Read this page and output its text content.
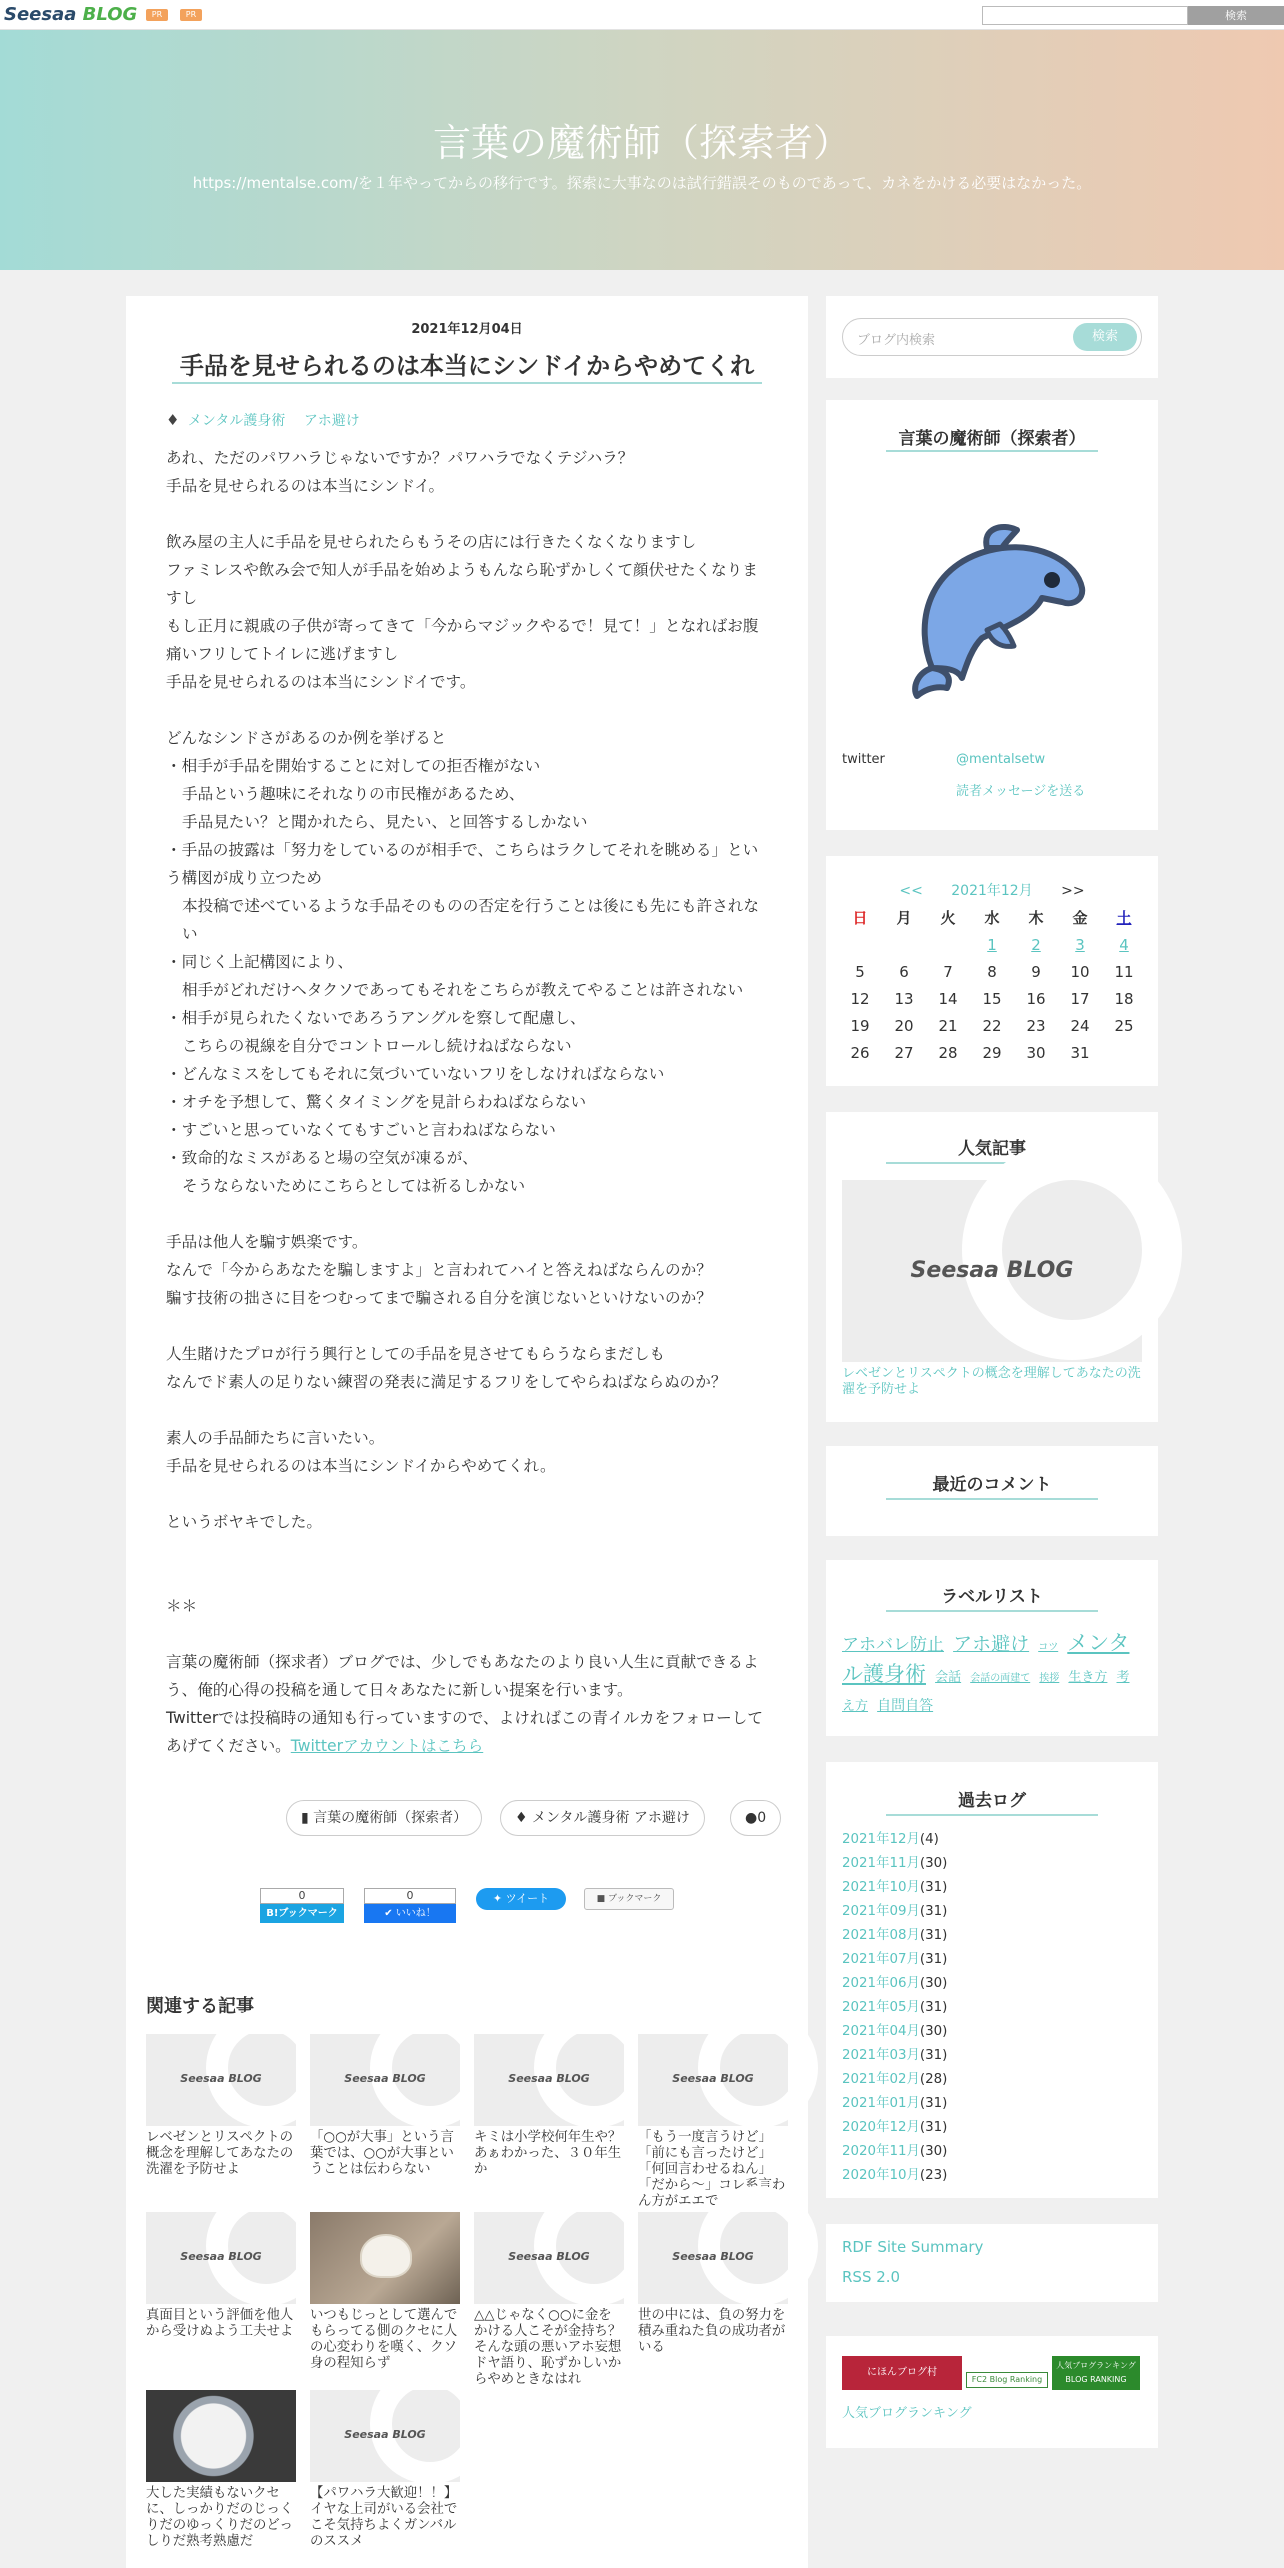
Seesaa BLOG	PR	PR	検索
言葉の魔術師（探索者）
https://mentalse.com/を１年やってからの移行です。探索に大事なのは試行錯誤そのものであって、カネをかける必要はなかった。
2021年12月04日
手品を見せられるのは本当にシンドイからやめてくれ
♦ メンタル護身術 アホ避け
あれ、ただのパワハラじゃないですか？パワハラでなくテジハラ？
手品を見せられるのは本当にシンドイ。
飲み屋の主人に手品を見せられたらもうその店には行きたくなくなりますし
ファミレスや飲み会で知人が手品を始めようもんなら恥ずかしくて顔伏せたくなりますし
もし正月に親戚の子供が寄ってきて「今からマジックやるで！見て！」となればお腹痛いフリしてトイレに逃げますし
手品を見せられるのは本当にシンドイです。
どんなシンドさがあるのか例を挙げると
・相手が手品を開始することに対しての拒否権がない
手品という趣味にそれなりの市民権があるため、
手品見たい？と聞かれたら、見たい、と回答するしかない
・手品の披露は「努力をしているのが相手で、こちらはラクしてそれを眺める」という構図が成り立つため
本投稿で述べているような手品そのものの否定を行うことは後にも先にも許されない
・同じく上記構図により、
相手がどれだけヘタクソであってもそれをこちらが教えてやることは許されない
・相手が見られたくないであろうアングルを察して配慮し、
こちらの視線を自分でコントロールし続けねばならない
・どんなミスをしてもそれに気づいていないフリをしなければならない
・オチを予想して、驚くタイミングを見計らわねばならない
・すごいと思っていなくてもすごいと言わねばならない
・致命的なミスがあると場の空気が凍るが、
そうならないためにこちらとしては祈るしかない
手品は他人を騙す娯楽です。
なんで「今からあなたを騙しますよ」と言われてハイと答えねばならんのか？
騙す技術の拙さに目をつむってまで騙される自分を演じないといけないのか？
人生賭けたプロが行う興行としての手品を見させてもらうならまだしも
なんでド素人の足りない練習の発表に満足するフリをしてやらねばならぬのか？
素人の手品師たちに言いたい。
手品を見せられるのは本当にシンドイからやめてくれ。
というボヤキでした。
＊＊
言葉の魔術師（探求者）ブログでは、少しでもあなたのより良い人生に貢献できるよう、俺的心得の投稿を通して日々あなたに新しい提案を行います。
Twitterでは投稿時の通知も行っていますので、よければこの青イルカをフォローしてあげてください。Twitterアカウントはこちら
▮ 言葉の魔術師（探索者）	♦ メンタル護身術 アホ避け	●0
0
B!ブックマーク
0
✔ いいね！
✦ ツイート	■ ブックマーク
関連する記事
Seesaa BLOG
レベゼンとリスペクトの概念を理解してあなたの洗濯を予防せよ
Seesaa BLOG
「○○が大事」という言葉では、○○が大事ということは伝わらない
Seesaa BLOG
キミは小学校何年生や？あぁわかった、３０年生か
Seesaa BLOG
「もう一度言うけど」「前にも言ったけど」「何回言わせるねん」「だから～」コレ系言わん方がエエで
Seesaa BLOG
真面目という評価を他人から受けぬよう工夫せよ
いつもじっとして選んでもらってる側のクセに人の心変わりを嘆く、クソ身の程知らず
Seesaa BLOG
△△じゃなく○○に金をかける人こそが金持ち？そんな頭の悪いアホ妄想ドヤ語り、恥ずかしいからやめときなはれ
Seesaa BLOG
世の中には、負の努力を積み重ねた負の成功者がいる
大した実績もないクセに、しっかりだのじっくりだのゆっくりだのどっしりだ熟考熟慮だ
Seesaa BLOG
【パワハラ大歓迎！！】イヤな上司がいる会社でこそ気持ちよくガンバルのススメ
ブログ内検索	検索
言葉の魔術師（探索者）
twitter	@mentalsetw
読者メッセージを送る
<< 2021年12月 >>
日	月	火	水	木	金	土
			1	2	3	4
5	6	7	8	9	10	11
12	13	14	15	16	17	18
19	20	21	22	23	24	25
26	27	28	29	30	31	
人気記事
Seesaa BLOG
レベゼンとリスペクトの概念を理解してあなたの洗濯を予防せよ
最近のコメント
ラベルリスト
アホバレ防止 アホ避け コツ メンタル護身術 会話 会話の両建て 挨拶 生き方 考え方 自問自答
過去ログ
2021年12月(4)
2021年11月(30)
2021年10月(31)
2021年09月(31)
2021年08月(31)
2021年07月(31)
2021年06月(30)
2021年05月(31)
2021年04月(30)
2021年03月(31)
2021年02月(28)
2021年01月(31)
2020年12月(31)
2020年11月(30)
2020年10月(23)
RDF Site Summary
RSS 2.0
にほんブログ村
FC2 Blog Ranking
人気ブログランキング
BLOG RANKING
人気ブログランキング
